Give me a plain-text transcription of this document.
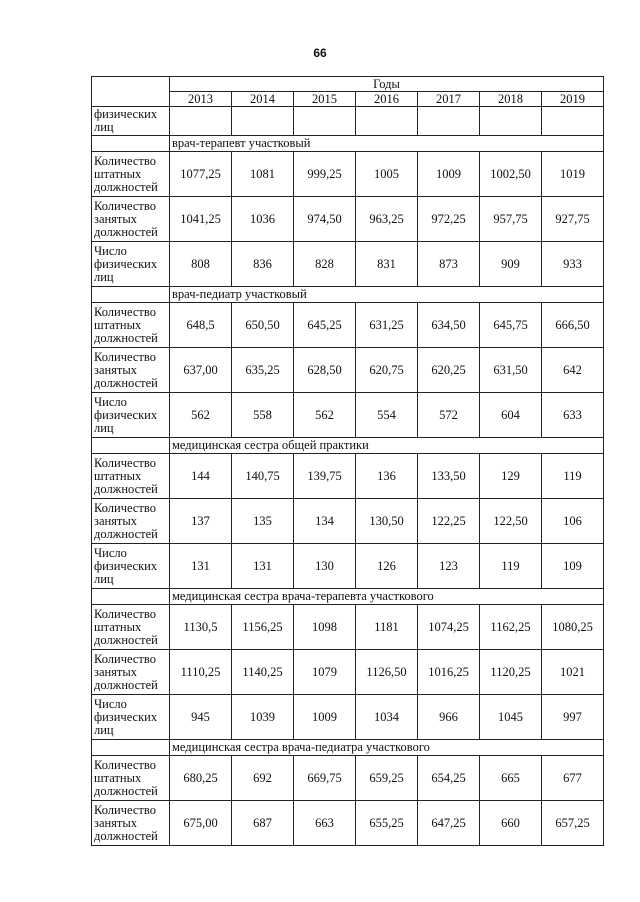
66
	Годы						
	2013	2014	2015	2016	2017	2018	2019
физических лиц							
	врач-терапевт участковый						
Количество штатных должностей	1077,25	1081	999,25	1005	1009	1002,50	1019
Количество занятых должностей	1041,25	1036	974,50	963,25	972,25	957,75	927,75
Число физических лиц	808	836	828	831	873	909	933
	врач-педиатр участковый						
Количество штатных должностей	648,5	650,50	645,25	631,25	634,50	645,75	666,50
Количество занятых должностей	637,00	635,25	628,50	620,75	620,25	631,50	642
Число физических лиц	562	558	562	554	572	604	633
	медицинская сестра общей практики						
Количество штатных должностей	144	140,75	139,75	136	133,50	129	119
Количество занятых должностей	137	135	134	130,50	122,25	122,50	106
Число физических лиц	131	131	130	126	123	119	109
	медицинская сестра врача-терапевта участкового						
Количество штатных должностей	1130,5	1156,25	1098	1181	1074,25	1162,25	1080,25
Количество занятых должностей	1110,25	1140,25	1079	1126,50	1016,25	1120,25	1021
Число физических лиц	945	1039	1009	1034	966	1045	997
	медицинская сестра врача-педиатра участкового						
Количество штатных должностей	680,25	692	669,75	659,25	654,25	665	677
Количество занятых должностей	675,00	687	663	655,25	647,25	660	657,25
